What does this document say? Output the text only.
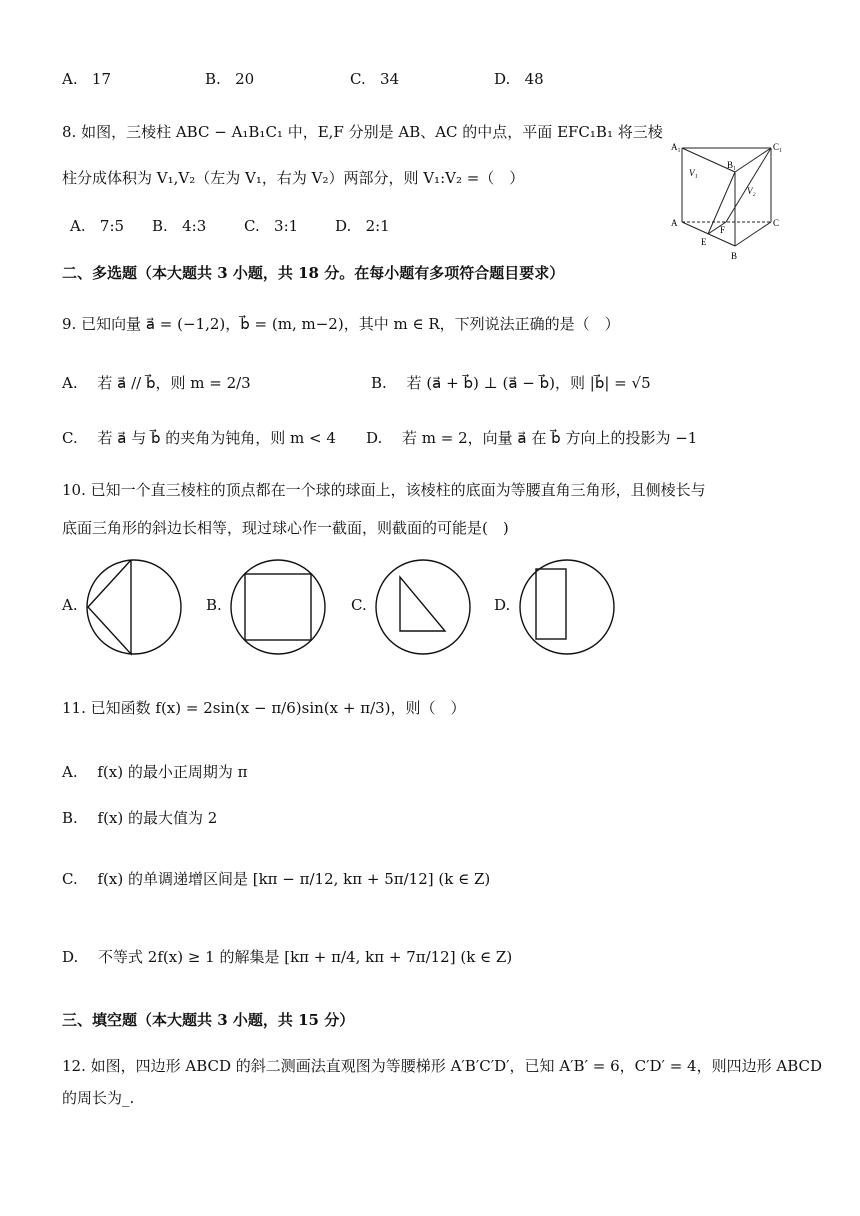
A. 17	B. 20	C. 34	D. 48
8. 如图，三棱柱 ABC − A₁B₁C₁ 中，E,F 分别是 AB、AC 的中点，平面 EFC₁B₁ 将三棱
柱分成体积为 V₁,V₂（左为 V₁，右为 V₂）两部分，则 V₁:V₂ =（　）
A. 7:5 B. 4:3	C. 3:1 D. 2:1
A₁
B₁
C₁
V₁
V₂
A	C
F
E
B
二、多选题（本大题共 3 小题，共 18 分。在每小题有多项符合题目要求）
9. 已知向量 a⃗ = (−1,2)，b⃗ = (m, m−2)，其中 m ∈ R，下列说法正确的是（　）
A.　 若 a⃗ // b⃗，则 m = 2/3	B.　 若 (a⃗ + b⃗) ⊥ (a⃗ − b⃗)，则 |b⃗| = √5
C.　 若 a⃗ 与 b⃗ 的夹角为钝角，则 m < 4 D.　 若 m = 2，向量 a⃗ 在 b⃗ 方向上的投影为 −1
10. 已知一个直三棱柱的顶点都在一个球的球面上，该棱柱的底面为等腰直角三角形，且侧棱长与
底面三角形的斜边长相等，现过球心作一截面，则截面的可能是(　)
A.	B.	C.	D.
11. 已知函数 f(x) = 2sin(x − π/6)sin(x + π/3)，则（　）
A.　 f(x) 的最小正周期为 π
B.　 f(x) 的最大值为 2
C.　 f(x) 的单调递增区间是 [kπ − π/12, kπ + 5π/12] (k ∈ Z)
D.　 不等式 2f(x) ≥ 1 的解集是 [kπ + π/4, kπ + 7π/12] (k ∈ Z)
三、填空题（本大题共 3 小题，共 15 分）
12. 如图，四边形 ABCD 的斜二测画法直观图为等腰梯形 A′B′C′D′，已知 A′B′ = 6，C′D′ = 4，则四边形 ABCD
的周长为_.
